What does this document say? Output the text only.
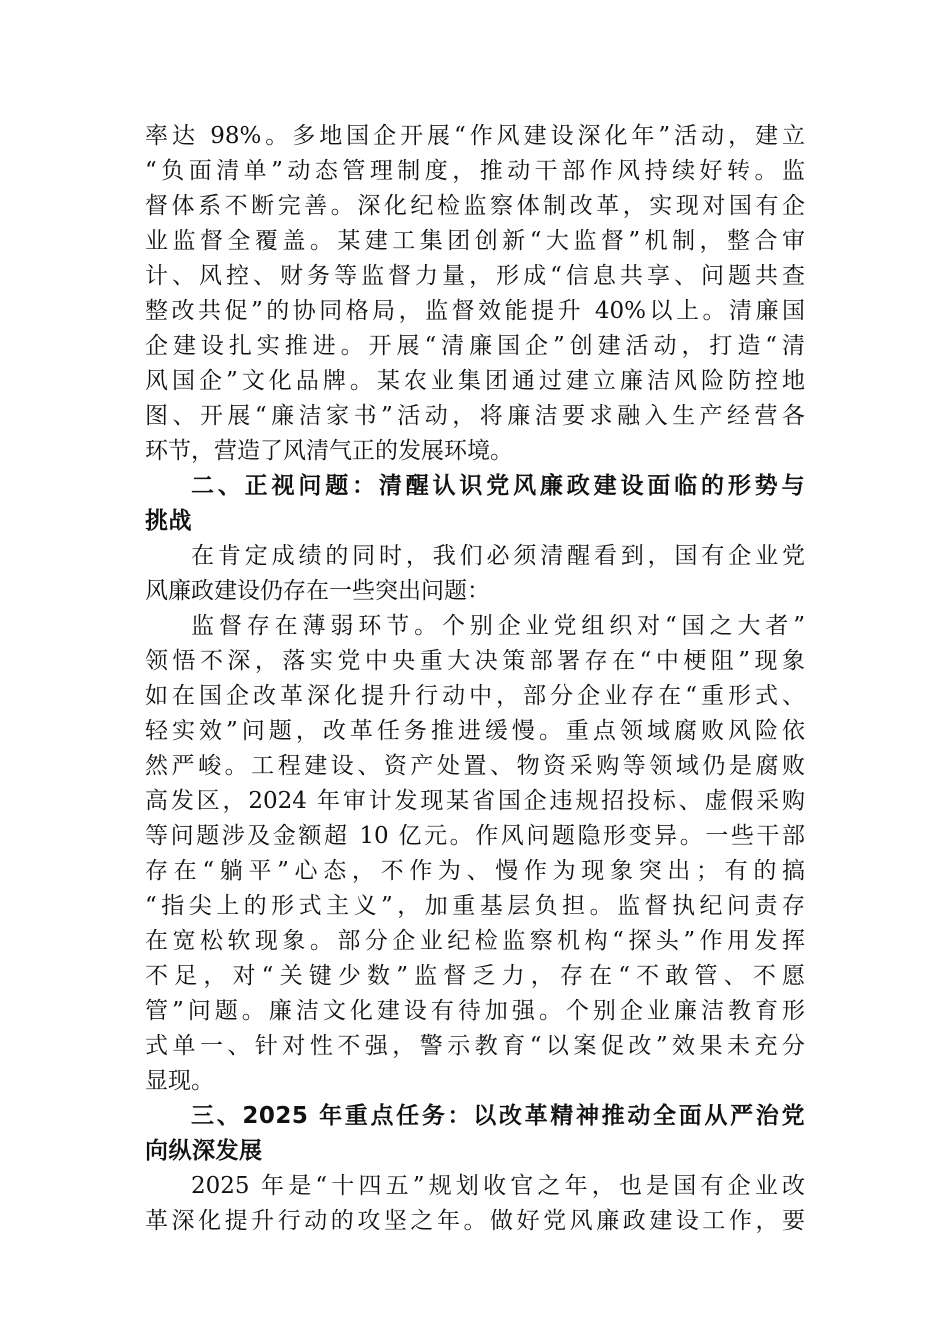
率达 98%。多地国企开展“作风建设深化年”活动，建立
“负面清单”动态管理制度，推动干部作风持续好转。监
督体系不断完善。深化纪检监察体制改革，实现对国有企
业监督全覆盖。某建工集团创新“大监督”机制，整合审
计、风控、财务等监督力量，形成“信息共享、问题共查
整改共促”的协同格局，监督效能提升 40%以上。清廉国
企建设扎实推进。开展“清廉国企”创建活动，打造“清
风国企”文化品牌。某农业集团通过建立廉洁风险防控地
图、开展“廉洁家书”活动，将廉洁要求融入生产经营各
环节，营造了风清气正的发展环境。

二、正视问题：清醒认识党风廉政建设面临的形势与
挑战

在肯定成绩的同时，我们必须清醒看到，国有企业党
风廉政建设仍存在一些突出问题：

监督存在薄弱环节。个别企业党组织对“国之大者”
领悟不深，落实党中央重大决策部署存在“中梗阻”现象
如在国企改革深化提升行动中，部分企业存在“重形式、
轻实效”问题，改革任务推进缓慢。重点领域腐败风险依
然严峻。工程建设、资产处置、物资采购等领域仍是腐败
高发区，2024 年审计发现某省国企违规招投标、虚假采购
等问题涉及金额超 10 亿元。作风问题隐形变异。一些干部
存在“躺平”心态，不作为、慢作为现象突出；有的搞
“指尖上的形式主义”，加重基层负担。监督执纪问责存
在宽松软现象。部分企业纪检监察机构“探头”作用发挥
不足，对“关键少数”监督乏力，存在“不敢管、不愿
管”问题。廉洁文化建设有待加强。个别企业廉洁教育形
式单一、针对性不强，警示教育“以案促改”效果未充分
显现。

三、2025 年重点任务：以改革精神推动全面从严治党
向纵深发展

2025 年是“十四五”规划收官之年，也是国有企业改
革深化提升行动的攻坚之年。做好党风廉政建设工作，要
